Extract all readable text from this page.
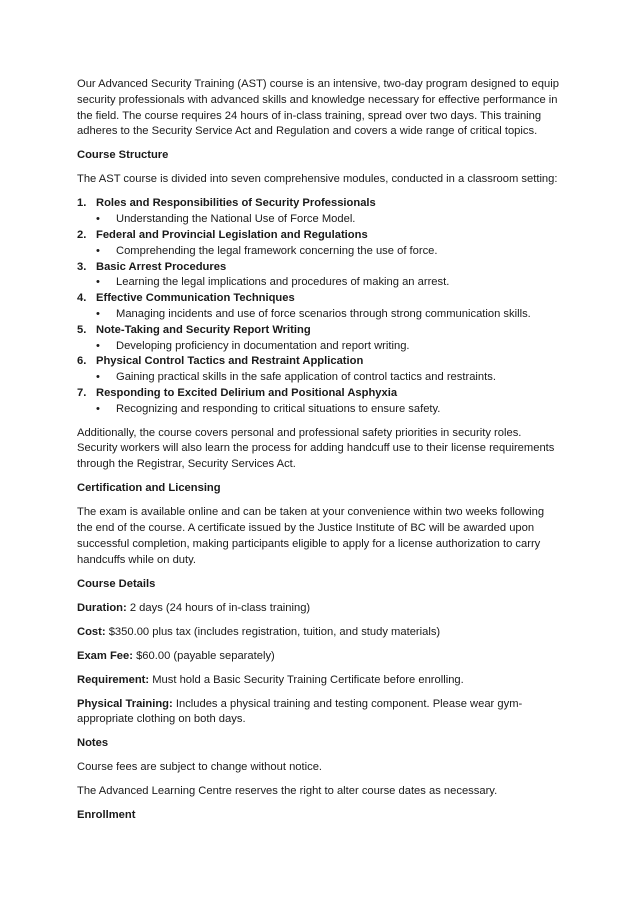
Our Advanced Security Training (AST) course is an intensive, two-day program designed to equip security professionals with advanced skills and knowledge necessary for effective performance in the field. The course requires 24 hours of in-class training, spread over two days. This training adheres to the Security Service Act and Regulation and covers a wide range of critical topics.

Course Structure

The AST course is divided into seven comprehensive modules, conducted in a classroom setting:

1. Roles and Responsibilities of Security Professionals
•	Understanding the National Use of Force Model.
2. Federal and Provincial Legislation and Regulations
•	Comprehending the legal framework concerning the use of force.
3. Basic Arrest Procedures
•	Learning the legal implications and procedures of making an arrest.
4. Effective Communication Techniques
•	Managing incidents and use of force scenarios through strong communication skills.
5. Note-Taking and Security Report Writing
•	Developing proficiency in documentation and report writing.
6. Physical Control Tactics and Restraint Application
•	Gaining practical skills in the safe application of control tactics and restraints.
7. Responding to Excited Delirium and Positional Asphyxia
•	Recognizing and responding to critical situations to ensure safety.

Additionally, the course covers personal and professional safety priorities in security roles. Security workers will also learn the process for adding handcuff use to their license requirements through the Registrar, Security Services Act.

Certification and Licensing

The exam is available online and can be taken at your convenience within two weeks following the end of the course. A certificate issued by the Justice Institute of BC will be awarded upon successful completion, making participants eligible to apply for a license authorization to carry handcuffs while on duty.

Course Details

Duration: 2 days (24 hours of in-class training)

Cost: $350.00 plus tax (includes registration, tuition, and study materials)

Exam Fee: $60.00 (payable separately)

Requirement: Must hold a Basic Security Training Certificate before enrolling.

Physical Training: Includes a physical training and testing component. Please wear gym-appropriate clothing on both days.

Notes

Course fees are subject to change without notice.

The Advanced Learning Centre reserves the right to alter course dates as necessary.

Enrollment
